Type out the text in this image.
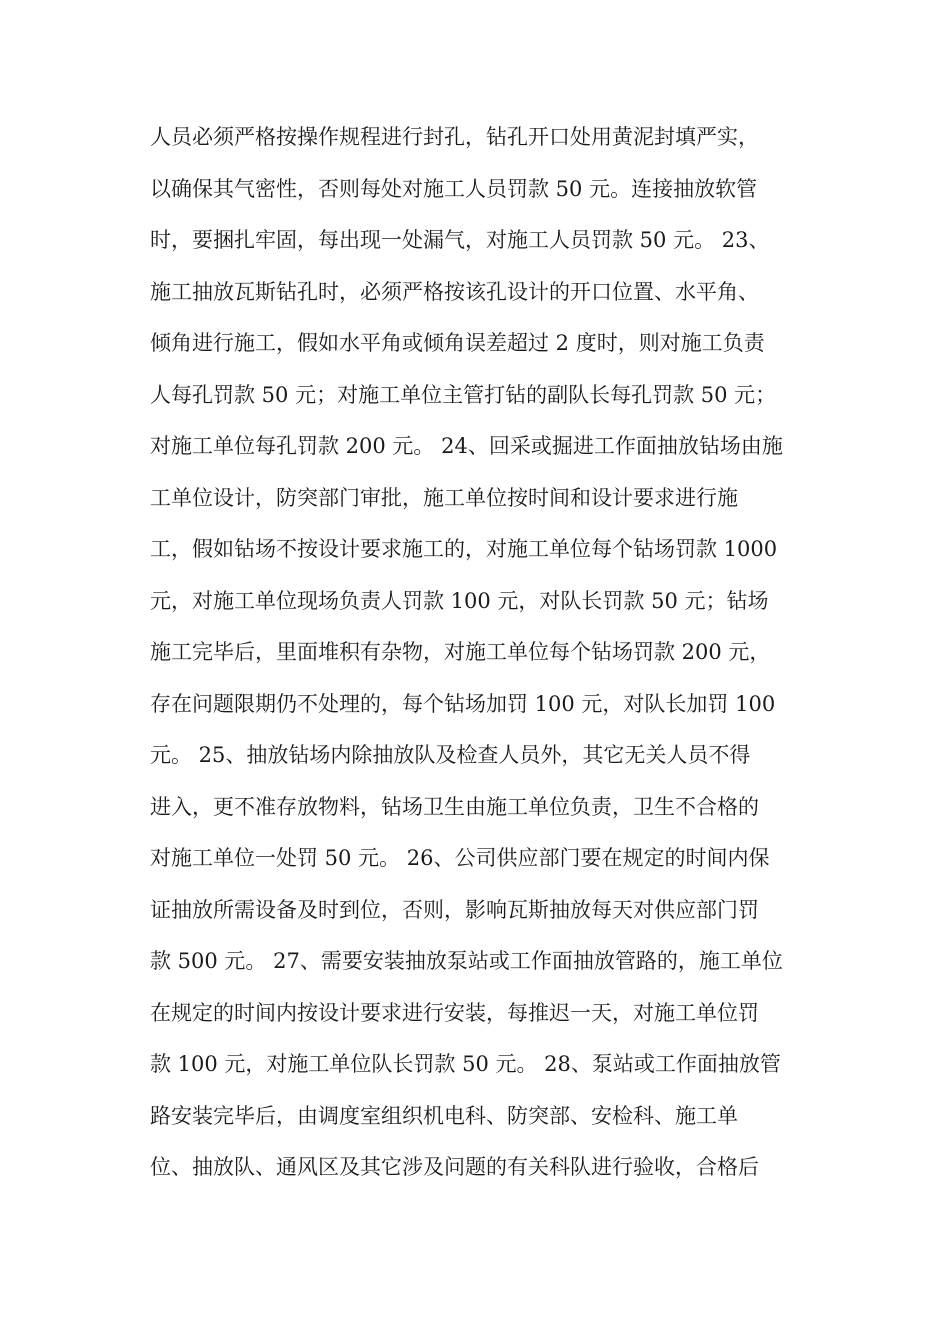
人员必须严格按操作规程进行封孔，钻孔开口处用黄泥封填严实，
以确保其气密性，否则每处对施工人员罚款 50 元。连接抽放软管
时，要捆扎牢固，每出现一处漏气，对施工人员罚款 50 元。 23、
施工抽放瓦斯钻孔时，必须严格按该孔设计的开口位置、水平角、
倾角进行施工，假如水平角或倾角误差超过 2 度时，则对施工负责
人每孔罚款 50 元；对施工单位主管打钻的副队长每孔罚款 50 元；
对施工单位每孔罚款 200 元。 24、回采或掘进工作面抽放钻场由施
工单位设计，防突部门审批，施工单位按时间和设计要求进行施
工，假如钻场不按设计要求施工的，对施工单位每个钻场罚款 1000
元，对施工单位现场负责人罚款 100 元，对队长罚款 50 元；钻场
施工完毕后，里面堆积有杂物，对施工单位每个钻场罚款 200 元，
存在问题限期仍不处理的，每个钻场加罚 100 元，对队长加罚 100
元。 25、抽放钻场内除抽放队及检查人员外，其它无关人员不得
进入，更不准存放物料，钻场卫生由施工单位负责，卫生不合格的
对施工单位一处罚 50 元。 26、公司供应部门要在规定的时间内保
证抽放所需设备及时到位，否则，影响瓦斯抽放每天对供应部门罚
款 500 元。 27、需要安装抽放泵站或工作面抽放管路的，施工单位
在规定的时间内按设计要求进行安装，每推迟一天，对施工单位罚
款 100 元，对施工单位队长罚款 50 元。 28、泵站或工作面抽放管
路安装完毕后，由调度室组织机电科、防突部、安检科、施工单
位、抽放队、通风区及其它涉及问题的有关科队进行验收，合格后
